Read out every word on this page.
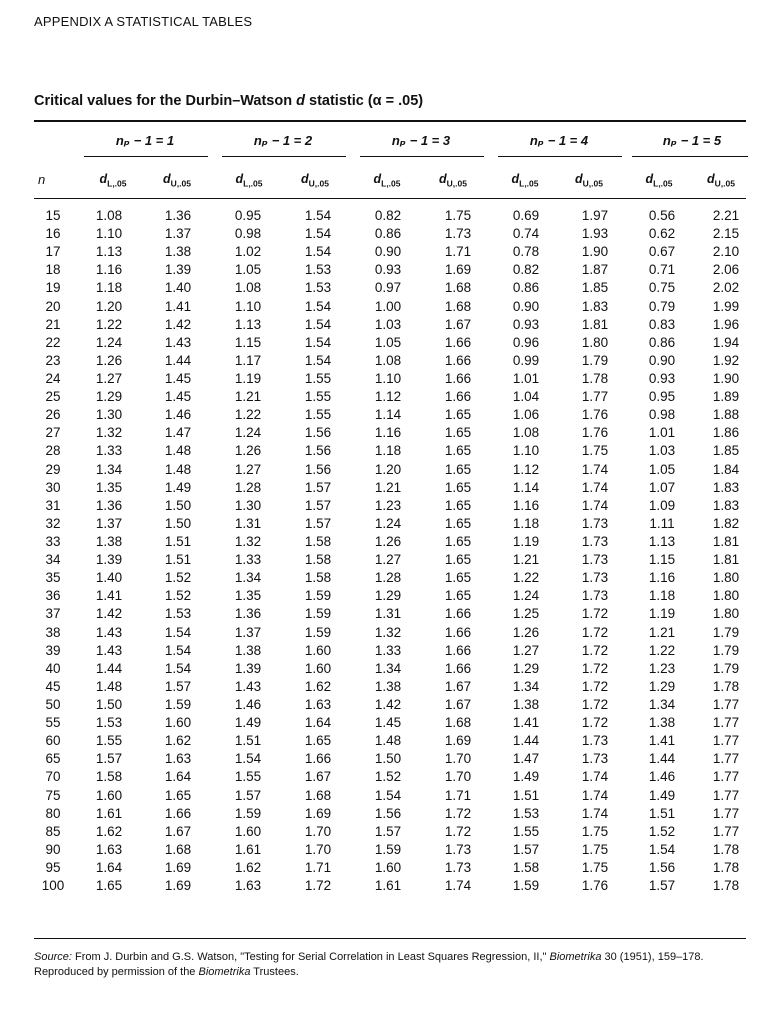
APPENDIX A STATISTICAL TABLES
Critical values for the Durbin–Watson d statistic (α = .05)
nₚ − 1 = 1	nₚ − 1 = 2	nₚ − 1 = 3	nₚ − 1 = 4	nₚ − 1 = 5
n	$d_{L,.05}$	$d_{U,.05}$	$d_{L,.05}$	$d_{U,.05}$	$d_{L,.05}$	$d_{U,.05}$	$d_{L,.05}$	$d_{U,.05}$	$d_{L,.05}$	$d_{U,.05}$
15	1.08	1.36	0.95	1.54	0.82	1.75	0.69	1.97	0.56	2.21
16	1.10	1.37	0.98	1.54	0.86	1.73	0.74	1.93	0.62	2.15
17	1.13	1.38	1.02	1.54	0.90	1.71	0.78	1.90	0.67	2.10
18	1.16	1.39	1.05	1.53	0.93	1.69	0.82	1.87	0.71	2.06
19	1.18	1.40	1.08	1.53	0.97	1.68	0.86	1.85	0.75	2.02
20	1.20	1.41	1.10	1.54	1.00	1.68	0.90	1.83	0.79	1.99
21	1.22	1.42	1.13	1.54	1.03	1.67	0.93	1.81	0.83	1.96
22	1.24	1.43	1.15	1.54	1.05	1.66	0.96	1.80	0.86	1.94
23	1.26	1.44	1.17	1.54	1.08	1.66	0.99	1.79	0.90	1.92
24	1.27	1.45	1.19	1.55	1.10	1.66	1.01	1.78	0.93	1.90
25	1.29	1.45	1.21	1.55	1.12	1.66	1.04	1.77	0.95	1.89
26	1.30	1.46	1.22	1.55	1.14	1.65	1.06	1.76	0.98	1.88
27	1.32	1.47	1.24	1.56	1.16	1.65	1.08	1.76	1.01	1.86
28	1.33	1.48	1.26	1.56	1.18	1.65	1.10	1.75	1.03	1.85
29	1.34	1.48	1.27	1.56	1.20	1.65	1.12	1.74	1.05	1.84
30	1.35	1.49	1.28	1.57	1.21	1.65	1.14	1.74	1.07	1.83
31	1.36	1.50	1.30	1.57	1.23	1.65	1.16	1.74	1.09	1.83
32	1.37	1.50	1.31	1.57	1.24	1.65	1.18	1.73	1.11	1.82
33	1.38	1.51	1.32	1.58	1.26	1.65	1.19	1.73	1.13	1.81
34	1.39	1.51	1.33	1.58	1.27	1.65	1.21	1.73	1.15	1.81
35	1.40	1.52	1.34	1.58	1.28	1.65	1.22	1.73	1.16	1.80
36	1.41	1.52	1.35	1.59	1.29	1.65	1.24	1.73	1.18	1.80
37	1.42	1.53	1.36	1.59	1.31	1.66	1.25	1.72	1.19	1.80
38	1.43	1.54	1.37	1.59	1.32	1.66	1.26	1.72	1.21	1.79
39	1.43	1.54	1.38	1.60	1.33	1.66	1.27	1.72	1.22	1.79
40	1.44	1.54	1.39	1.60	1.34	1.66	1.29	1.72	1.23	1.79
45	1.48	1.57	1.43	1.62	1.38	1.67	1.34	1.72	1.29	1.78
50	1.50	1.59	1.46	1.63	1.42	1.67	1.38	1.72	1.34	1.77
55	1.53	1.60	1.49	1.64	1.45	1.68	1.41	1.72	1.38	1.77
60	1.55	1.62	1.51	1.65	1.48	1.69	1.44	1.73	1.41	1.77
65	1.57	1.63	1.54	1.66	1.50	1.70	1.47	1.73	1.44	1.77
70	1.58	1.64	1.55	1.67	1.52	1.70	1.49	1.74	1.46	1.77
75	1.60	1.65	1.57	1.68	1.54	1.71	1.51	1.74	1.49	1.77
80	1.61	1.66	1.59	1.69	1.56	1.72	1.53	1.74	1.51	1.77
85	1.62	1.67	1.60	1.70	1.57	1.72	1.55	1.75	1.52	1.77
90	1.63	1.68	1.61	1.70	1.59	1.73	1.57	1.75	1.54	1.78
95	1.64	1.69	1.62	1.71	1.60	1.73	1.58	1.75	1.56	1.78
100	1.65	1.69	1.63	1.72	1.61	1.74	1.59	1.76	1.57	1.78
Source: From J. Durbin and G.S. Watson, "Testing for Serial Correlation in Least Squares Regression, II," Biometrika 30 (1951), 159–178. Reproduced by permission of the Biometrika Trustees.
